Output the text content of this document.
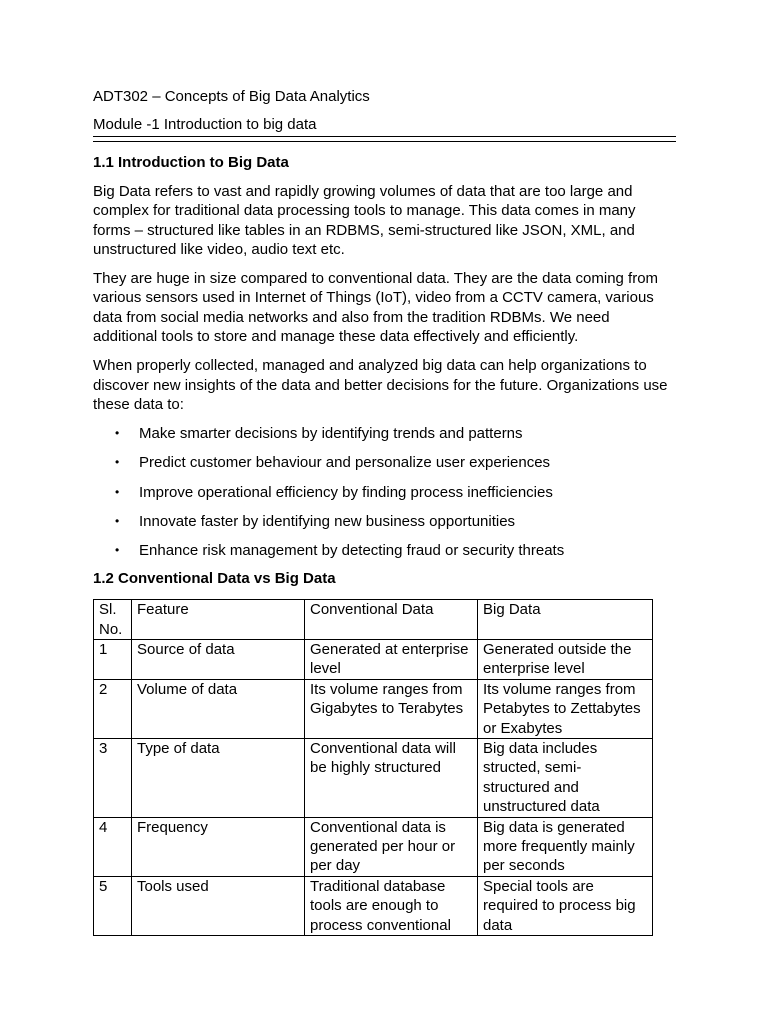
ADT302 – Concepts of Big Data Analytics
Module -1 Introduction to big data
1.1 Introduction to Big Data

Big Data refers to vast and rapidly growing volumes of data that are too large and complex for traditional data processing tools to manage. This data comes in many forms – structured like tables in an RDBMS, semi-structured like JSON, XML, and unstructured like video, audio text etc.

They are huge in size compared to conventional data. They are the data coming from various sensors used in Internet of Things (IoT), video from a CCTV camera, various data from social media networks and also from the tradition RDBMs. We need additional tools to store and manage these data effectively and efficiently.

When properly collected, managed and analyzed big data can help organizations to discover new insights of the data and better decisions for the future. Organizations use these data to:

• Make smarter decisions by identifying trends and patterns
• Predict customer behaviour and personalize user experiences
• Improve operational efficiency by finding process inefficiencies
• Innovate faster by identifying new business opportunities
• Enhance risk management by detecting fraud or security threats
1.2 Conventional Data vs Big Data
Sl. No.	Feature	Conventional Data	Big Data
1	Source of data	Generated at enterprise level	Generated outside the enterprise level
2	Volume of data	Its volume ranges from Gigabytes to Terabytes	Its volume ranges from Petabytes to Zettabytes or Exabytes
3	Type of data	Conventional data will be highly structured	Big data includes structed, semi-structured and unstructured data
4	Frequency	Conventional data is generated per hour or per day	Big data is generated more frequently mainly per seconds
5	Tools used	Traditional database tools are enough to process conventional	Special tools are required to process big data
